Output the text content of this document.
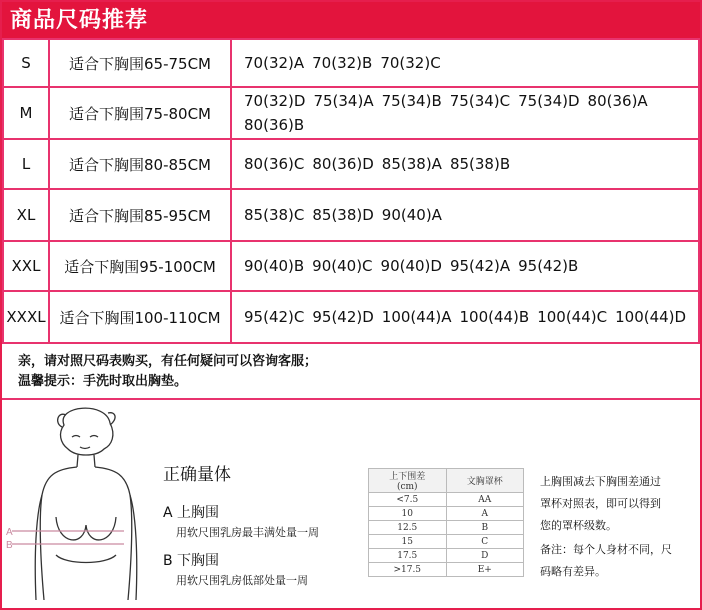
商品尺码推荐
S	适合下胸围65-75CM	70(32)A 70(32)B 70(32)C
M	适合下胸围75-80CM	70(32)D 75(34)A 75(34)B 75(34)C 75(34)D 80(36)A80(36)B
L	适合下胸围80-85CM	80(36)C 80(36)D 85(38)A 85(38)B
XL	适合下胸围85-95CM	85(38)C 85(38)D 90(40)A
XXL	适合下胸围95-100CM	90(40)B 90(40)C 90(40)D 95(42)A 95(42)B
XXXL	适合下胸围100-110CM	95(42)C 95(42)D 100(44)A 100(44)B 100(44)C 100(44)D
亲，请对照尺码表购买，有任何疑问可以咨询客服；
温馨提示：手洗时取出胸垫。
A
B
正确量体
A 上胸围
用软尺围乳房最丰满处量一周
B 下胸围
用软尺围乳房低部处量一周
上下围差
(cm)	文胸罩杯
<7.5	AA
10	A
12.5	B
15	C
17.5	D
>17.5	E+
上胸围减去下胸围差通过
罩杯对照表，即可以得到
您的罩杯级数。
备注：每个人身材不同，尺
码略有差异。
